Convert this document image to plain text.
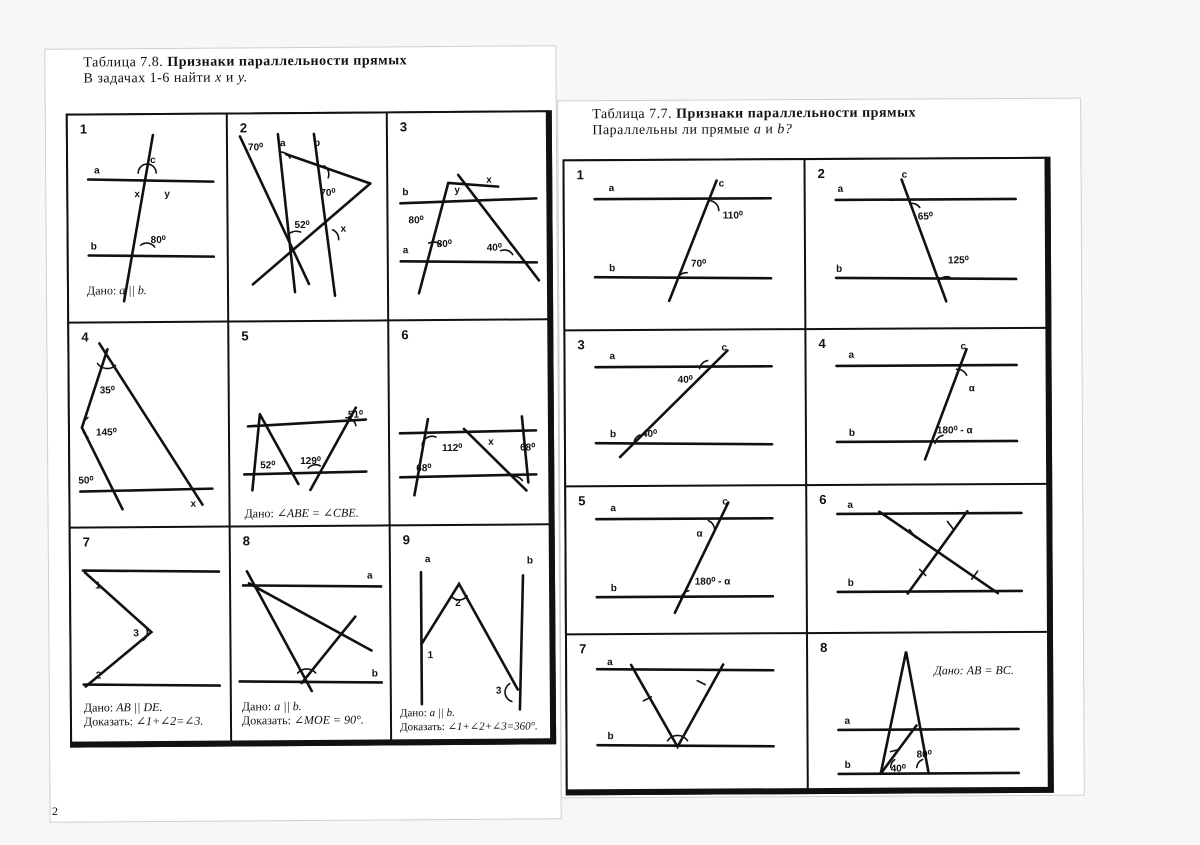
Таблица 7.8. Признаки параллельности прямых
В задачах 1-6 найти x и y.
1
a
b
c
x y
80⁰
Дано: a || b.
2
70⁰ a	b
70⁰
52⁰	x
3
b
a
80⁰
80⁰	40⁰
y
x
4
35⁰
145⁰
50⁰
x
5
51⁰
129⁰
52⁰
Дано: ∠ABE = ∠CBE.
6
112⁰
68⁰
68⁰
x
7
1
2
3
Дано: AB || DE.
Доказать: ∠1+∠2=∠3.
8
a
b
Дано: a || b.
Доказать: ∠MOE = 90°.
9
a	b
1
2
3
Дано: a || b.
Доказать: ∠1+∠2+∠3=360°.
2
Таблица 7.7. Признаки параллельности прямых
Параллельны ли прямые a и b?
1
a
b
c
110⁰
70⁰
2
a
b
c
65⁰
125⁰
3
a
b
c
40⁰
40⁰
4
a
b
c
α
180⁰ - α
5
a
b
c
α
180⁰ - α
6 a
b
7
a
b
8
a
b	40⁰
80⁰
Дано: AB = BC.
